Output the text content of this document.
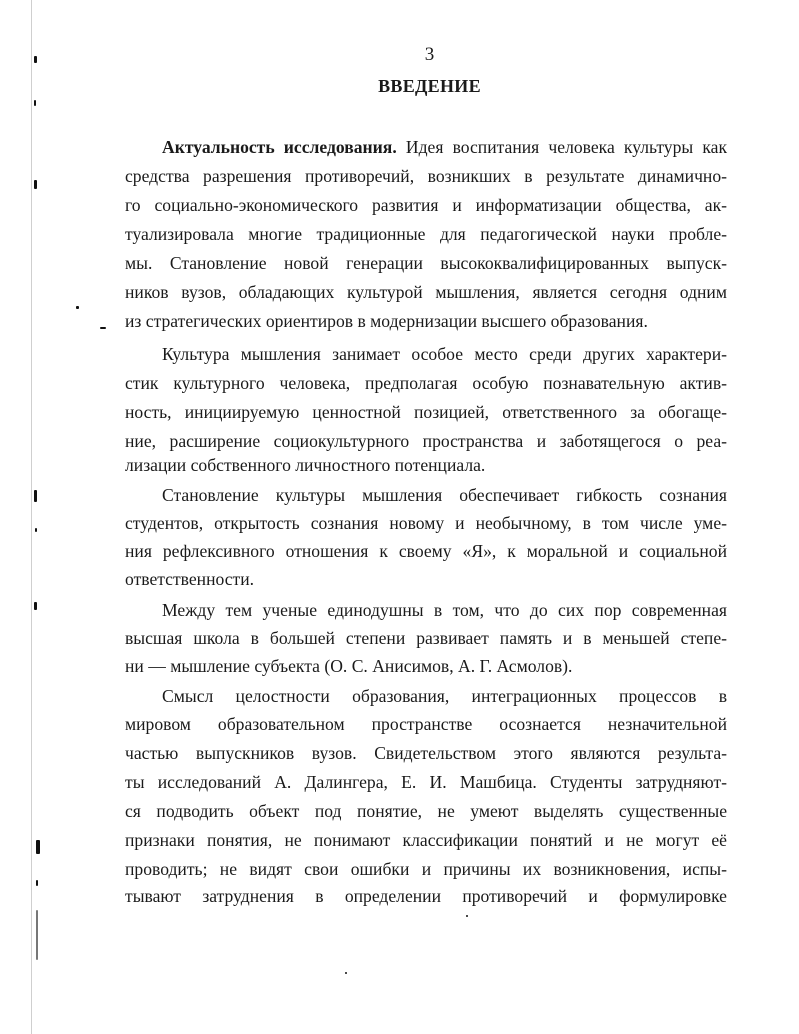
3
ВВЕДЕНИЕ
Актуальность исследования. Идея воспитания человека культуры как
средства разрешения противоречий, возникших в результате динамично-
го социально-экономического развития и информатизации общества, ак-
туализировала многие традиционные для педагогической науки пробле-
мы. Становление новой генерации высококвалифицированных выпуск-
ников вузов, обладающих культурой мышления, является сегодня одним
из стратегических ориентиров в модернизации высшего образования.
Культура мышления занимает особое место среди других характери-
стик культурного человека, предполагая особую познавательную актив-
ность, инициируемую ценностной позицией, ответственного за обогаще-
ние, расширение социокультурного пространства и заботящегося о реа-
лизации собственного личностного потенциала.
Становление культуры мышления обеспечивает гибкость сознания
студентов, открытость сознания новому и необычному, в том числе уме-
ния рефлексивного отношения к своему «Я», к моральной и социальной
ответственности.
Между тем ученые единодушны в том, что до сих пор современная
высшая школа в большей степени развивает память и в меньшей степе-
ни — мышление субъекта (О. С. Анисимов, А. Г. Асмолов).
Смысл целостности образования, интеграционных процессов в
мировом образовательном пространстве осознается незначительной
частью выпускников вузов. Свидетельством этого являются результа-
ты исследований А. Далингера, Е. И. Машбица. Студенты затрудняют-
ся подводить объект под понятие, не умеют выделять существенные
признаки понятия, не понимают классификации понятий и не могут её
проводить; не видят свои ошибки и причины их возникновения, испы-
тывают затруднения в определении противоречий и формулировке
